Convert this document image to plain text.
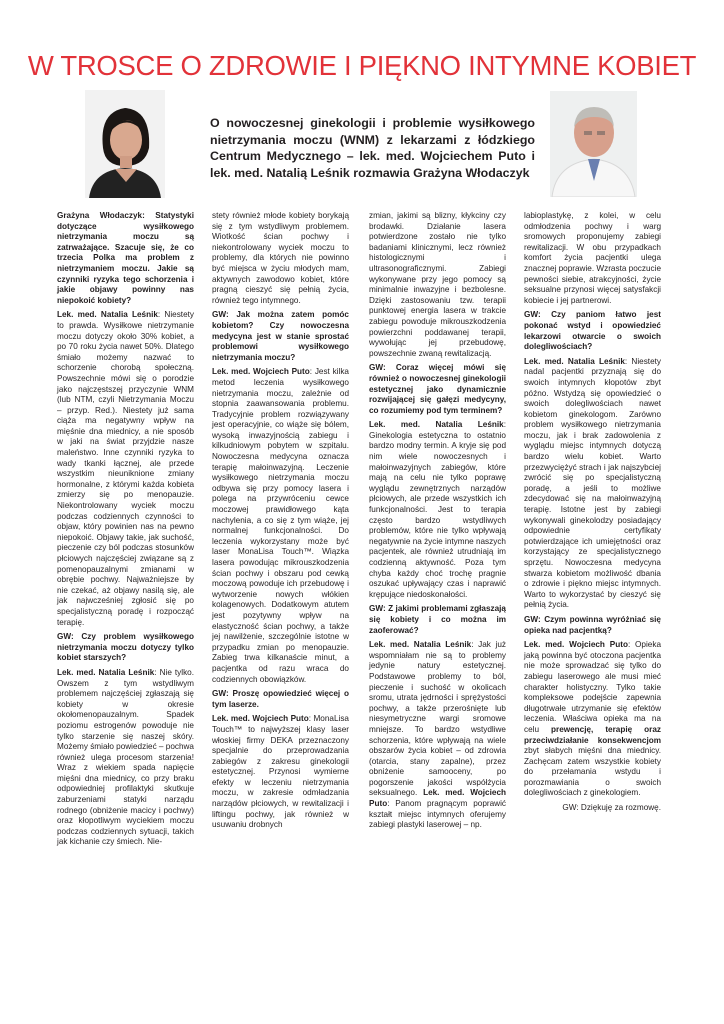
W TROSCE O ZDROWIE I PIĘKNO INTYMNE KOBIET

O nowoczesnej ginekologii i problemie wysiłkowego nietrzymania moczu (WNM) z lekarzami z łódzkiego Centrum Medycznego – lek. med. Wojciechem Puto i lek. med. Natalią Leśnik rozmawia Grażyna Włodaczyk

Grażyna Włodaczyk: Statystyki dotyczące wysiłkowego nietrzymania moczu są zatrważające. Szacuje się, że co trzecia Polka ma problem z nietrzymaniem moczu. Jakie są czynniki ryzyka tego schorzenia i jakie objawy powinny nas niepokoić kobiety?

Lek. med. Natalia Leśnik: Niestety to prawda. Wysiłkowe nietrzymanie moczu dotyczy około 30% kobiet, a po 70 roku życia nawet 50%. Dlatego śmiało możemy nazwać to schorzenie chorobą społeczną. Powszechnie mówi się o porodzie jako najczęstszej przyczynie WNM (lub NTM, czyli Nietrzymania Moczu – przyp. Red.). Niestety już sama ciąża ma negatywny wpływ na mięśnie dna miednicy, a nie sposób w jaki na świat przyjdzie nasze maleństwo. Inne czynniki ryzyka to wady tkanki łącznej, ale przede wszystkim nieuniknione zmiany hormonalne, z którymi każda kobieta zmierzy się po menopauzie. Niekontrolowany wyciek moczu podczas codziennych czynności to objaw, który powinien nas na pewno niepokoić. Objawy takie, jak suchość, pieczenie czy ból podczas stosunków płciowych najczęściej związane są z pomenopauzalnymi zmianami w obrębie pochwy. Najważniejsze by nie czekać, aż objawy nasilą się, ale jak najwcześniej zgłosić się po specjalistyczną poradę i rozpocząć terapię.

GW: Czy problem wysiłkowego nietrzymania moczu dotyczy tylko kobiet starszych?

Lek. med. Natalia Leśnik: Nie tylko. Owszem z tym wstydliwym problemem najczęściej zgłaszają się kobiety w okresie okołomenopauzalnym. Spadek poziomu estrogenów powoduje nie tylko starzenie się naszej skóry. Możemy śmiało powiedzieć – pochwa również ulega procesom starzenia! Wraz z wiekiem spada napięcie mięśni dna miednicy, co przy braku odpowiedniej profilaktyki skutkuje zaburzeniami statyki narządu rodnego (obniżenie macicy i pochwy) oraz kłopotliwym wyciekiem moczu podczas codziennych sytuacji, takich jak kichanie czy śmiech. Nie-

stety również młode kobiety borykają się z tym wstydliwym problemem. Wiotkość ścian pochwy i niekontrolowany wyciek moczu to problemy, dla których nie powinno być miejsca w życiu młodych mam, aktywnych zawodowo kobiet, które pragną cieszyć się pełnią życia, również tego intymnego.

GW: Jak można zatem pomóc kobietom? Czy nowoczesna medycyna jest w stanie sprostać problemowi wysiłkowego nietrzymania moczu?

Lek. med. Wojciech Puto: Jest kilka metod leczenia wysiłkowego nietrzymania moczu, zależnie od stopnia zaawansowania problemu. Tradycyjnie problem rozwiązywany jest operacyjnie, co wiąże się bólem, wysoką inwazyjnością zabiegu i kilkudniowym pobytem w szpitalu. Nowoczesna medycyna oznacza terapię małoinwazyjną. Leczenie wysiłkowego nietrzymania moczu odbywa się przy pomocy lasera i polega na przywróceniu cewce moczowej prawidłowego kąta nachylenia, a co się z tym wiąże, jej normalnej funkcjonalności. Do leczenia wykorzystany może być laser MonaLisa Touch™. Wiązka lasera powodując mikrouszkodzenia ścian pochwy i obszaru pod cewką moczową powoduje ich przebudowę i wytworzenie nowych włókien kolagenowych. Dodatkowym atutem jest pozytywny wpływ na elastyczność ścian pochwy, a także jej nawilżenie, szczególnie istotne w przypadku zmian po menopauzie. Zabieg trwa kilkanaście minut, a pacjentka od razu wraca do codziennych obowiązków.

GW: Proszę opowiedzieć więcej o tym laserze.

Lek. med. Wojciech Puto: MonaLisa Touch™ to najwyższej klasy laser włoskiej firmy DEKA przeznaczony specjalnie do przeprowadzania zabiegów z zakresu ginekologii estetycznej. Przynosi wymierne efekty w leczeniu nietrzymania moczu, w zakresie odmładzania narządów płciowych, w rewitalizacji i liftingu pochwy, jak również w usuwaniu drobnych

zmian, jakimi są blizny, kłykciny czy brodawki. Działanie lasera potwierdzone zostało nie tylko badaniami klinicznymi, lecz również histologicznymi i ultrasonograficznymi. Zabiegi wykonywane przy jego pomocy są minimalnie inwazyjne i bezbolesne. Dzięki zastosowaniu tzw. terapii punktowej energia lasera w trakcie zabiegu powoduje mikrouszkodzenia powierzchni poddawanej terapii, wywołując jej przebudowę, powszechnie zwaną rewitalizacją.

GW: Coraz więcej mówi się również o nowoczesnej ginekologii estetycznej jako dynamicznie rozwijającej się gałęzi medycyny, co rozumiemy pod tym terminem?

Lek. med. Natalia Leśnik: Ginekologia estetyczna to ostatnio bardzo modny termin. A kryje się pod nim wiele nowoczesnych i małoinwazyjnych zabiegów, które mają na celu nie tylko poprawę wyglądu zewnętrznych narządów płciowych, ale przede wszystkich ich funkcjonalności. Jest to terapia często bardzo wstydliwych problemów, które nie tylko wpływają negatywnie na życie intymne naszych pacjentek, ale również utrudniają im codzienną aktywność. Poza tym chyba każdy choć trochę pragnie oszukać upływający czas i naprawić krępujące niedoskonałości.

GW: Z jakimi problemami zgłaszają się kobiety i co można im zaoferować?

Lek. med. Natalia Leśnik: Jak już wspomniałam nie są to problemy jedynie natury estetycznej. Podstawowe problemy to ból, pieczenie i suchość w okolicach sromu, utrata jędrności i sprężystości pochwy, a także przerośnięte lub niesymetryczne wargi sromowe mniejsze. To bardzo wstydliwe schorzenia, które wpływają na wiele obszarów życia kobiet – od zdrowia (otarcia, stany zapalne), przez obniżenie samooceny, po pogorszenie jakości współżycia seksualnego. Lek. med. Wojciech Puto: Panom pragnącym poprawić kształt miejsc intymnych oferujemy zabiegi plastyki laserowej – np.

labioplastykę, z kolei, w celu odmłodzenia pochwy i warg sromowych proponujemy zabiegi rewitalizacji. W obu przypadkach komfort życia pacjentki ulega znacznej poprawie. Wzrasta poczucie pewności siebie, atrakcyjności, życie seksualne przynosi więcej satysfakcji kobiecie i jej partnerowi.

GW: Czy paniom łatwo jest pokonać wstyd i opowiedzieć lekarzowi otwarcie o swoich dolegliwościach?

Lek. med. Natalia Leśnik: Niestety nadal pacjentki przyznają się do swoich intymnych kłopotów zbyt późno. Wstydzą się opowiedzieć o swoich dolegliwościach nawet kobietom ginekologom. Zarówno problem wysiłkowego nietrzymania moczu, jak i brak zadowolenia z wyglądu miejsc intymnych dotyczą bardzo wielu kobiet. Warto przezwyciężyć strach i jak najszybciej zwrócić się po specjalistyczną poradę, a jeśli to możliwe zdecydować się na małoinwazyjną terapię. Istotne jest by zabiegi wykonywali ginekolodzy posiadający odpowiednie certyfikaty potwierdzające ich umiejętności oraz korzystający ze specjalistycznego sprzętu. Nowoczesna medycyna stwarza kobietom możliwość dbania o zdrowie i piękno miejsc intymnych. Warto to wykorzystać by cieszyć się pełnią życia.

GW: Czym powinna wyróżniać się opieka nad pacjentką?

Lek. med. Wojciech Puto: Opieka jaką powinna być otoczona pacjentka nie może sprowadzać się tylko do zabiegu laserowego ale musi mieć charakter holistyczny. Tylko takie kompleksowe podejście zapewnia długotrwałe utrzymanie się efektów leczenia. Właściwa opieka ma na celu prewencję, terapię oraz przeciwdziałanie konsekwencjom zbyt słabych mięśni dna miednicy. Zachęcam zatem wszystkie kobiety do przełamania wstydu i porozmawiania o swoich dolegliwościach z ginekologiem.

GW: Dziękuję za rozmowę.
